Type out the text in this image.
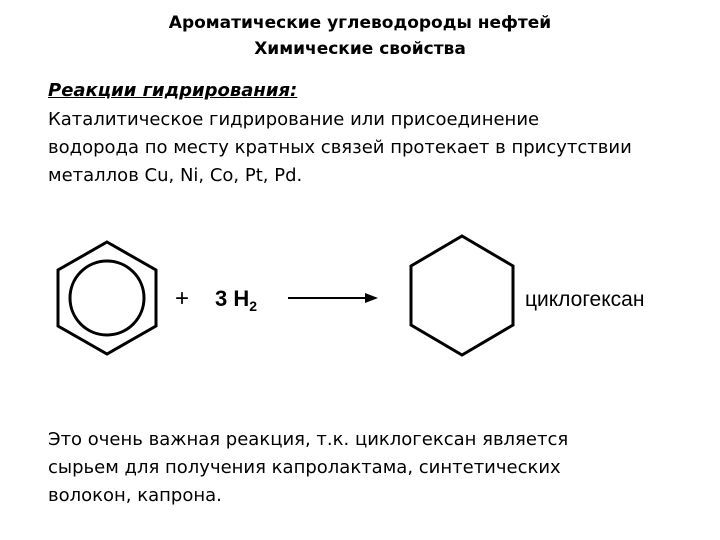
Ароматические углеводороды нефтей
Химические свойства
Реакции гидрирования:
Каталитическое гидрирование или присоединение
водорода по месту кратных связей протекает в присутствии
металлов Cu, Ni, Co, Pt, Pd.
+ 3 $H_2$	циклогексан
Это очень важная реакция, т.к. циклогексан является
сырьем для получения капролактама, синтетических
волокон, капрона.
